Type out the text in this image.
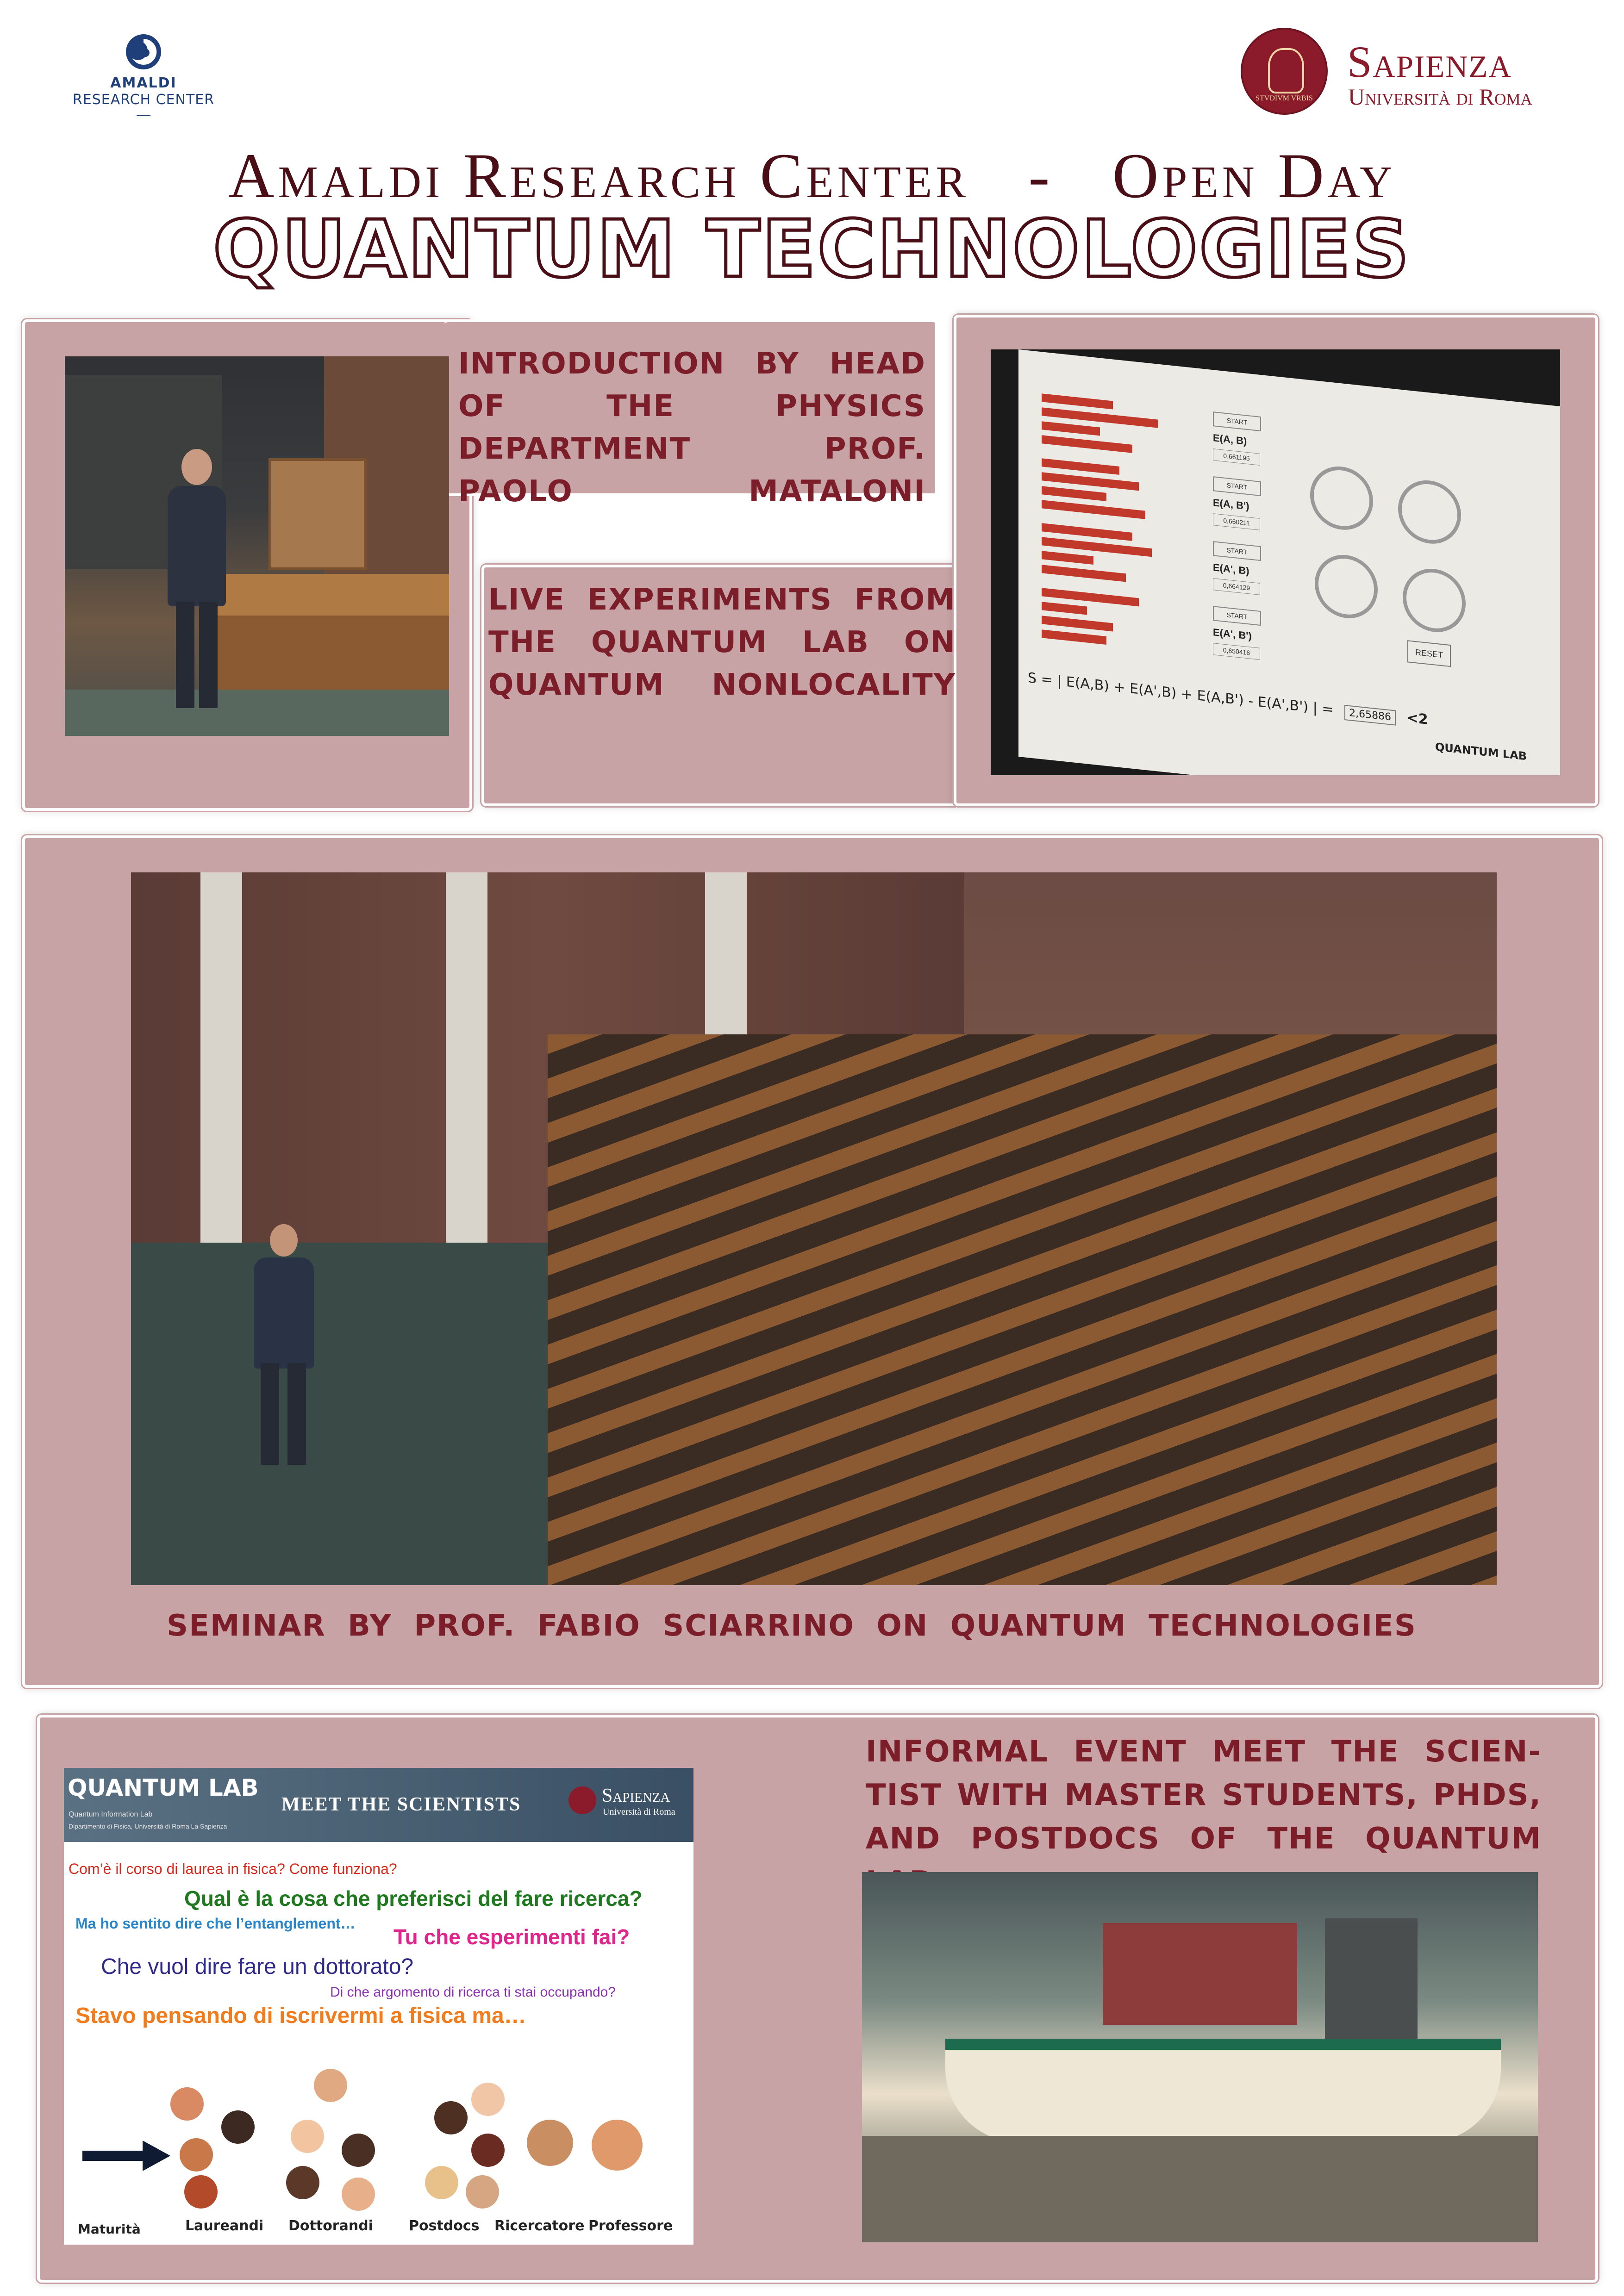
AMALDI
RESEARCH CENTER	STVDIVM VRBIS
Sapienza
Università di Roma
Amaldi Research Center   -   Open Day
QUANTUM TECHNOLOGIES
INTRODUCTION BY HEAD OF THE PHYSICS DEPARTMENT PROF. PAOLO MATALONI
LIVE EXPERIMENTS FROM THE QUANTUM LAB ON QUANTUM NONLOCALITY
START
E(A, B)
0,661195
START
E(A, B')
0,660211
START
E(A', B)
0,664129
START
E(A', B')
0,650416	RESET
S = | E(A,B) + E(A',B) + E(A,B') - E(A',B') | = 2,65886 <2
QUANTUM LAB
SEMINAR BY PROF. FABIO SCIARRINO ON QUANTUM TECHNOLOGIES
INFORMAL EVENT MEET THE SCIEN-TIST WITH MASTER STUDENTS, PHDS, AND POSTDOCS OF THE QUANTUM
QUANTUM LAB
Quantum Information Lab
Dipartimento di Fisica, Università di Roma La Sapienza
MEET THE SCIENTISTS	Sapienza
Università di Roma
Com’è il corso di laurea in fisica? Come funziona?
Qual è la cosa che preferisci del fare ricerca?
Ma ho sentito dire che l’entanglement…
Tu che esperimenti fai?
Che vuol dire fare un dottorato?
Di che argomento di ricerca ti stai occupando?
Stavo pensando di iscrivermi a fisica ma…
Maturità	Laureandi Dottorandi	Postdocs Ricercatore Professore
